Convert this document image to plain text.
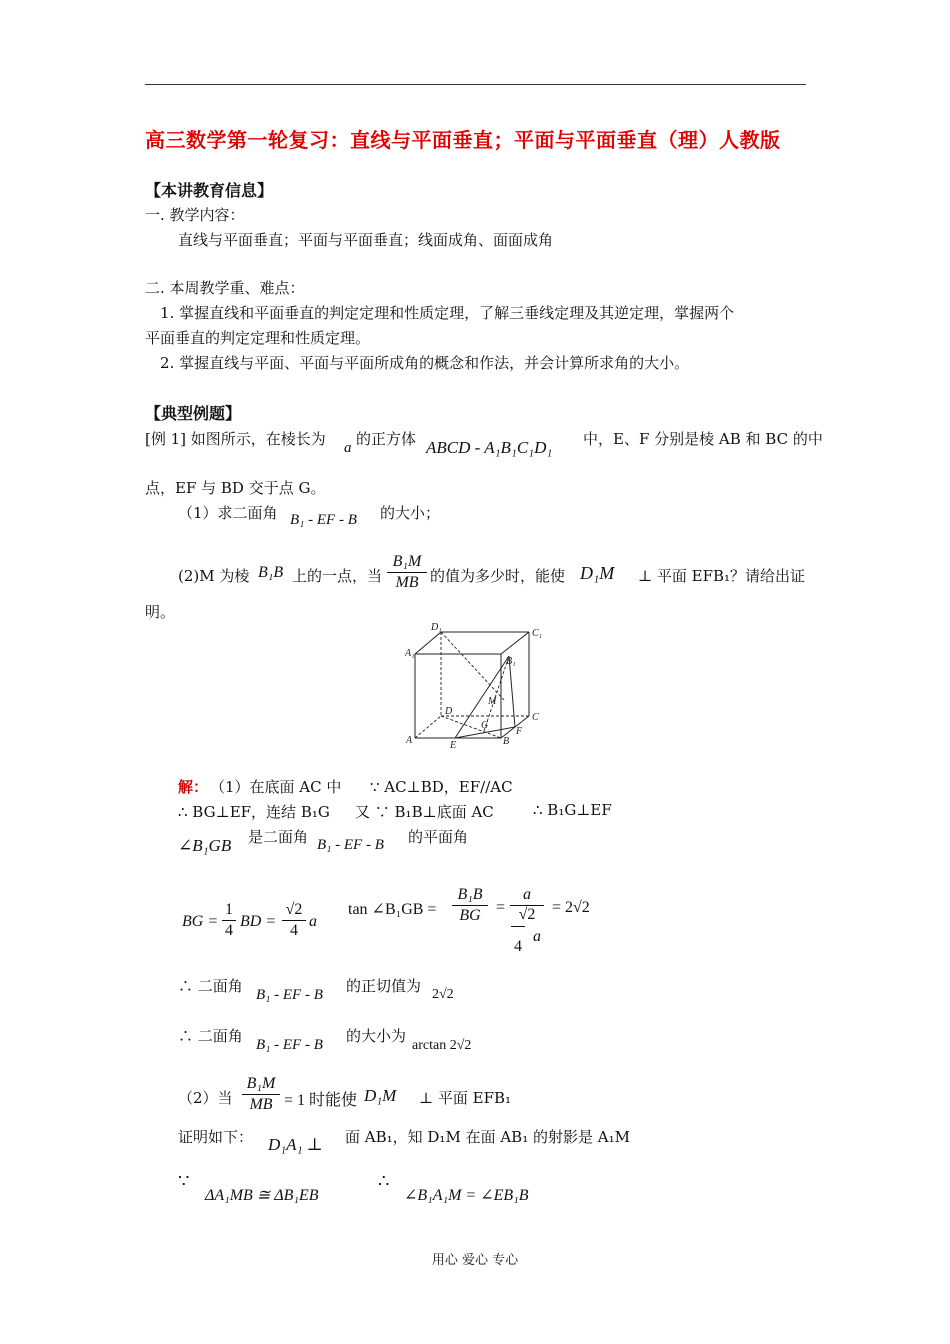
高三数学第一轮复习：直线与平面垂直；平面与平面垂直（理）人教版
【本讲教育信息】
一. 教学内容：
直线与平面垂直；平面与平面垂直；线面成角、面面成角
二. 本周教学重、难点：
1. 掌握直线和平面垂直的判定定理和性质定理，了解三垂线定理及其逆定理，掌握两个
平面垂直的判定定理和性质定理。
2. 掌握直线与平面、平面与平面所成角的概念和作法，并会计算所求角的大小。
【典型例题】
[例 1] 如图所示，在棱长为 a 的正方体 ABCD - A₁B₁C₁D₁ 中，E、F 分别是棱 AB 和 BC 的中
点，EF 与 BD 交于点 G。
（1）求二面角 B₁ - EF - B 的大小；
(2)M 为棱 B₁B 上的一点，当
B₁M
MB 的值为多少时，能使 D₁M ⊥ 平面 EFB₁？请给出证
明。
D₁
C₁
A₁
B₁
M
D
C
A	B
E
F
G
解： （1）在底面 AC 中 ∵ AC⊥BD，EF//AC
∴ BG⊥EF，连结 B₁G 又 ∵ B₁B⊥底面 AC	∴ B₁G⊥EF
∠B₁GB 是二面角 B₁ - EF - B 的平面角
BG =
1
4
BD =
√2
4
a
tan ∠B₁GB =
B₁B
BG =
a
√2
4
a
= 2√2
∴ 二面角 B₁ - EF - B 的正切值为 2√2
∴ 二面角 B₁ - EF - B 的大小为
arctan 2√2
（2）当
B₁M
MB = 1 时能使 D₁M ⊥ 平面 EFB₁
证明如下： D₁A₁ ⊥ 面 AB₁，知 D₁M 在面 AB₁ 的射影是 A₁M
∵
ΔA₁MB ≅ ΔB₁EB
∴
∠B₁A₁M = ∠EB₁B
用心 爱心 专心
